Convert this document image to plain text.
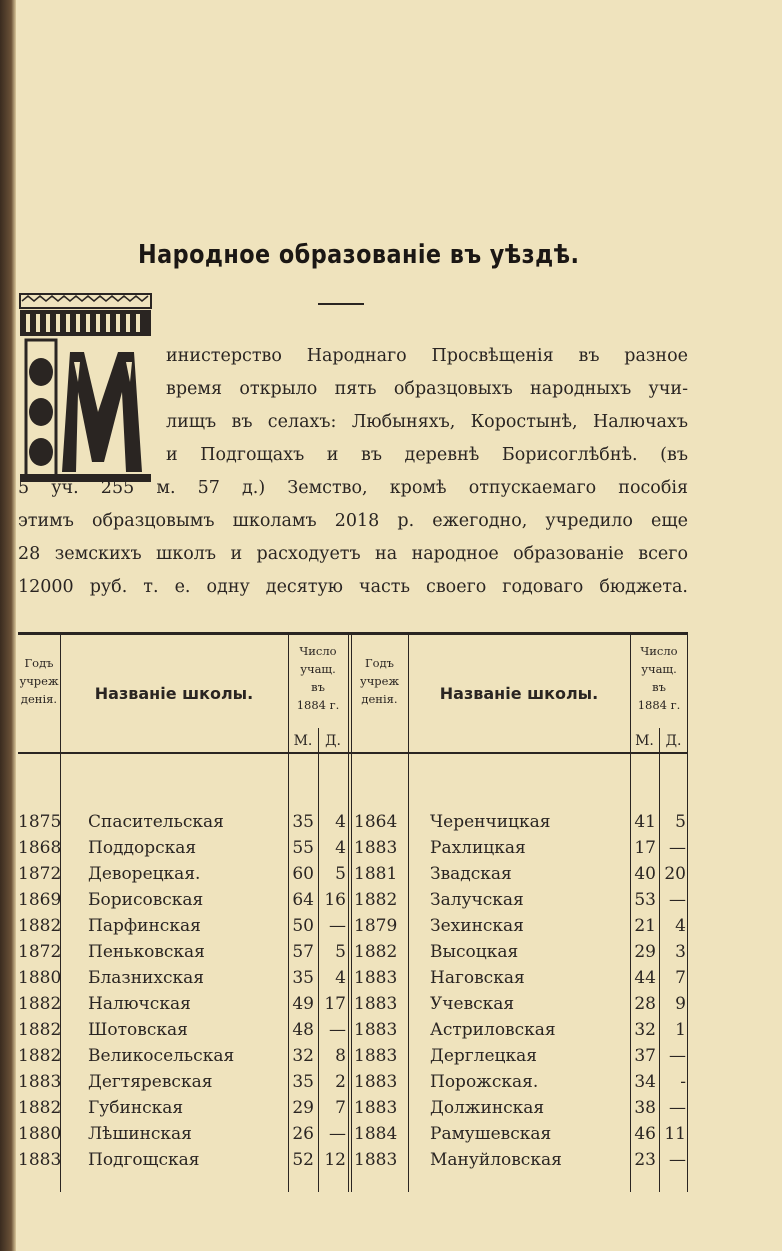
Народное образованіе въ уѣздѣ.
инистерство Народнаго Просвѣщенія въ разное
время открыло пять образцовыхъ народныхъ учи-
лищъ въ селахъ: Любыняхъ, Коростынѣ, Налючахъ
и Подгощахъ и въ деревнѣ Борисоглѣбнѣ. (въ
5 уч. 255 м. 57 д.) Земство, кромѣ отпускаемаго пособія
этимъ образцовымъ школамъ 2018 р. ежегодно, учредило еще
28 земскихъ школъ и расходуетъ на народное образованіе всего
12000 руб. т. е. одну десятую часть своего годоваго бюджета.
Годъ
учреж
денія.	Названіе школы.
Число
учащ.
въ
1884 г.
М. Д.
Годъ
учреж
денія.	Названіе школы.
Число
учащ.
въ
1884 г.
М. Д.
1875 Спасительская	35	4 1864	Черенчицкая	41	5
1868 Поддорская	55	4 1883	Рахлицкая	17 —
1872 Деворецкая.	60	5 1881	Звадская	40 20
1869 Борисовская	64 16 1882	Залучская	53 —
1882 Парфинская	50 — 1879	Зехинская	21	4
1872 Пеньковская	57	5 1882	Высоцкая	29	3
1880 Блазнихская	35	4 1883	Наговская	44	7
1882 Налючская	49 17 1883	Учевская	28	9
1882 Шотовская	48 — 1883	Астриловская	32	1
1882 Великосельская	32	8 1883	Дерглецкая	37 —
1883 Дегтяревская	35	2 1883	Порожская.	34	-
1882 Губинская	29	7 1883	Должинская	38 —
1880 Лѣшинская	26 — 1884	Рамушевская	46 11
1883 Подгощская	52 12 1883	Мануйловская	23 —
